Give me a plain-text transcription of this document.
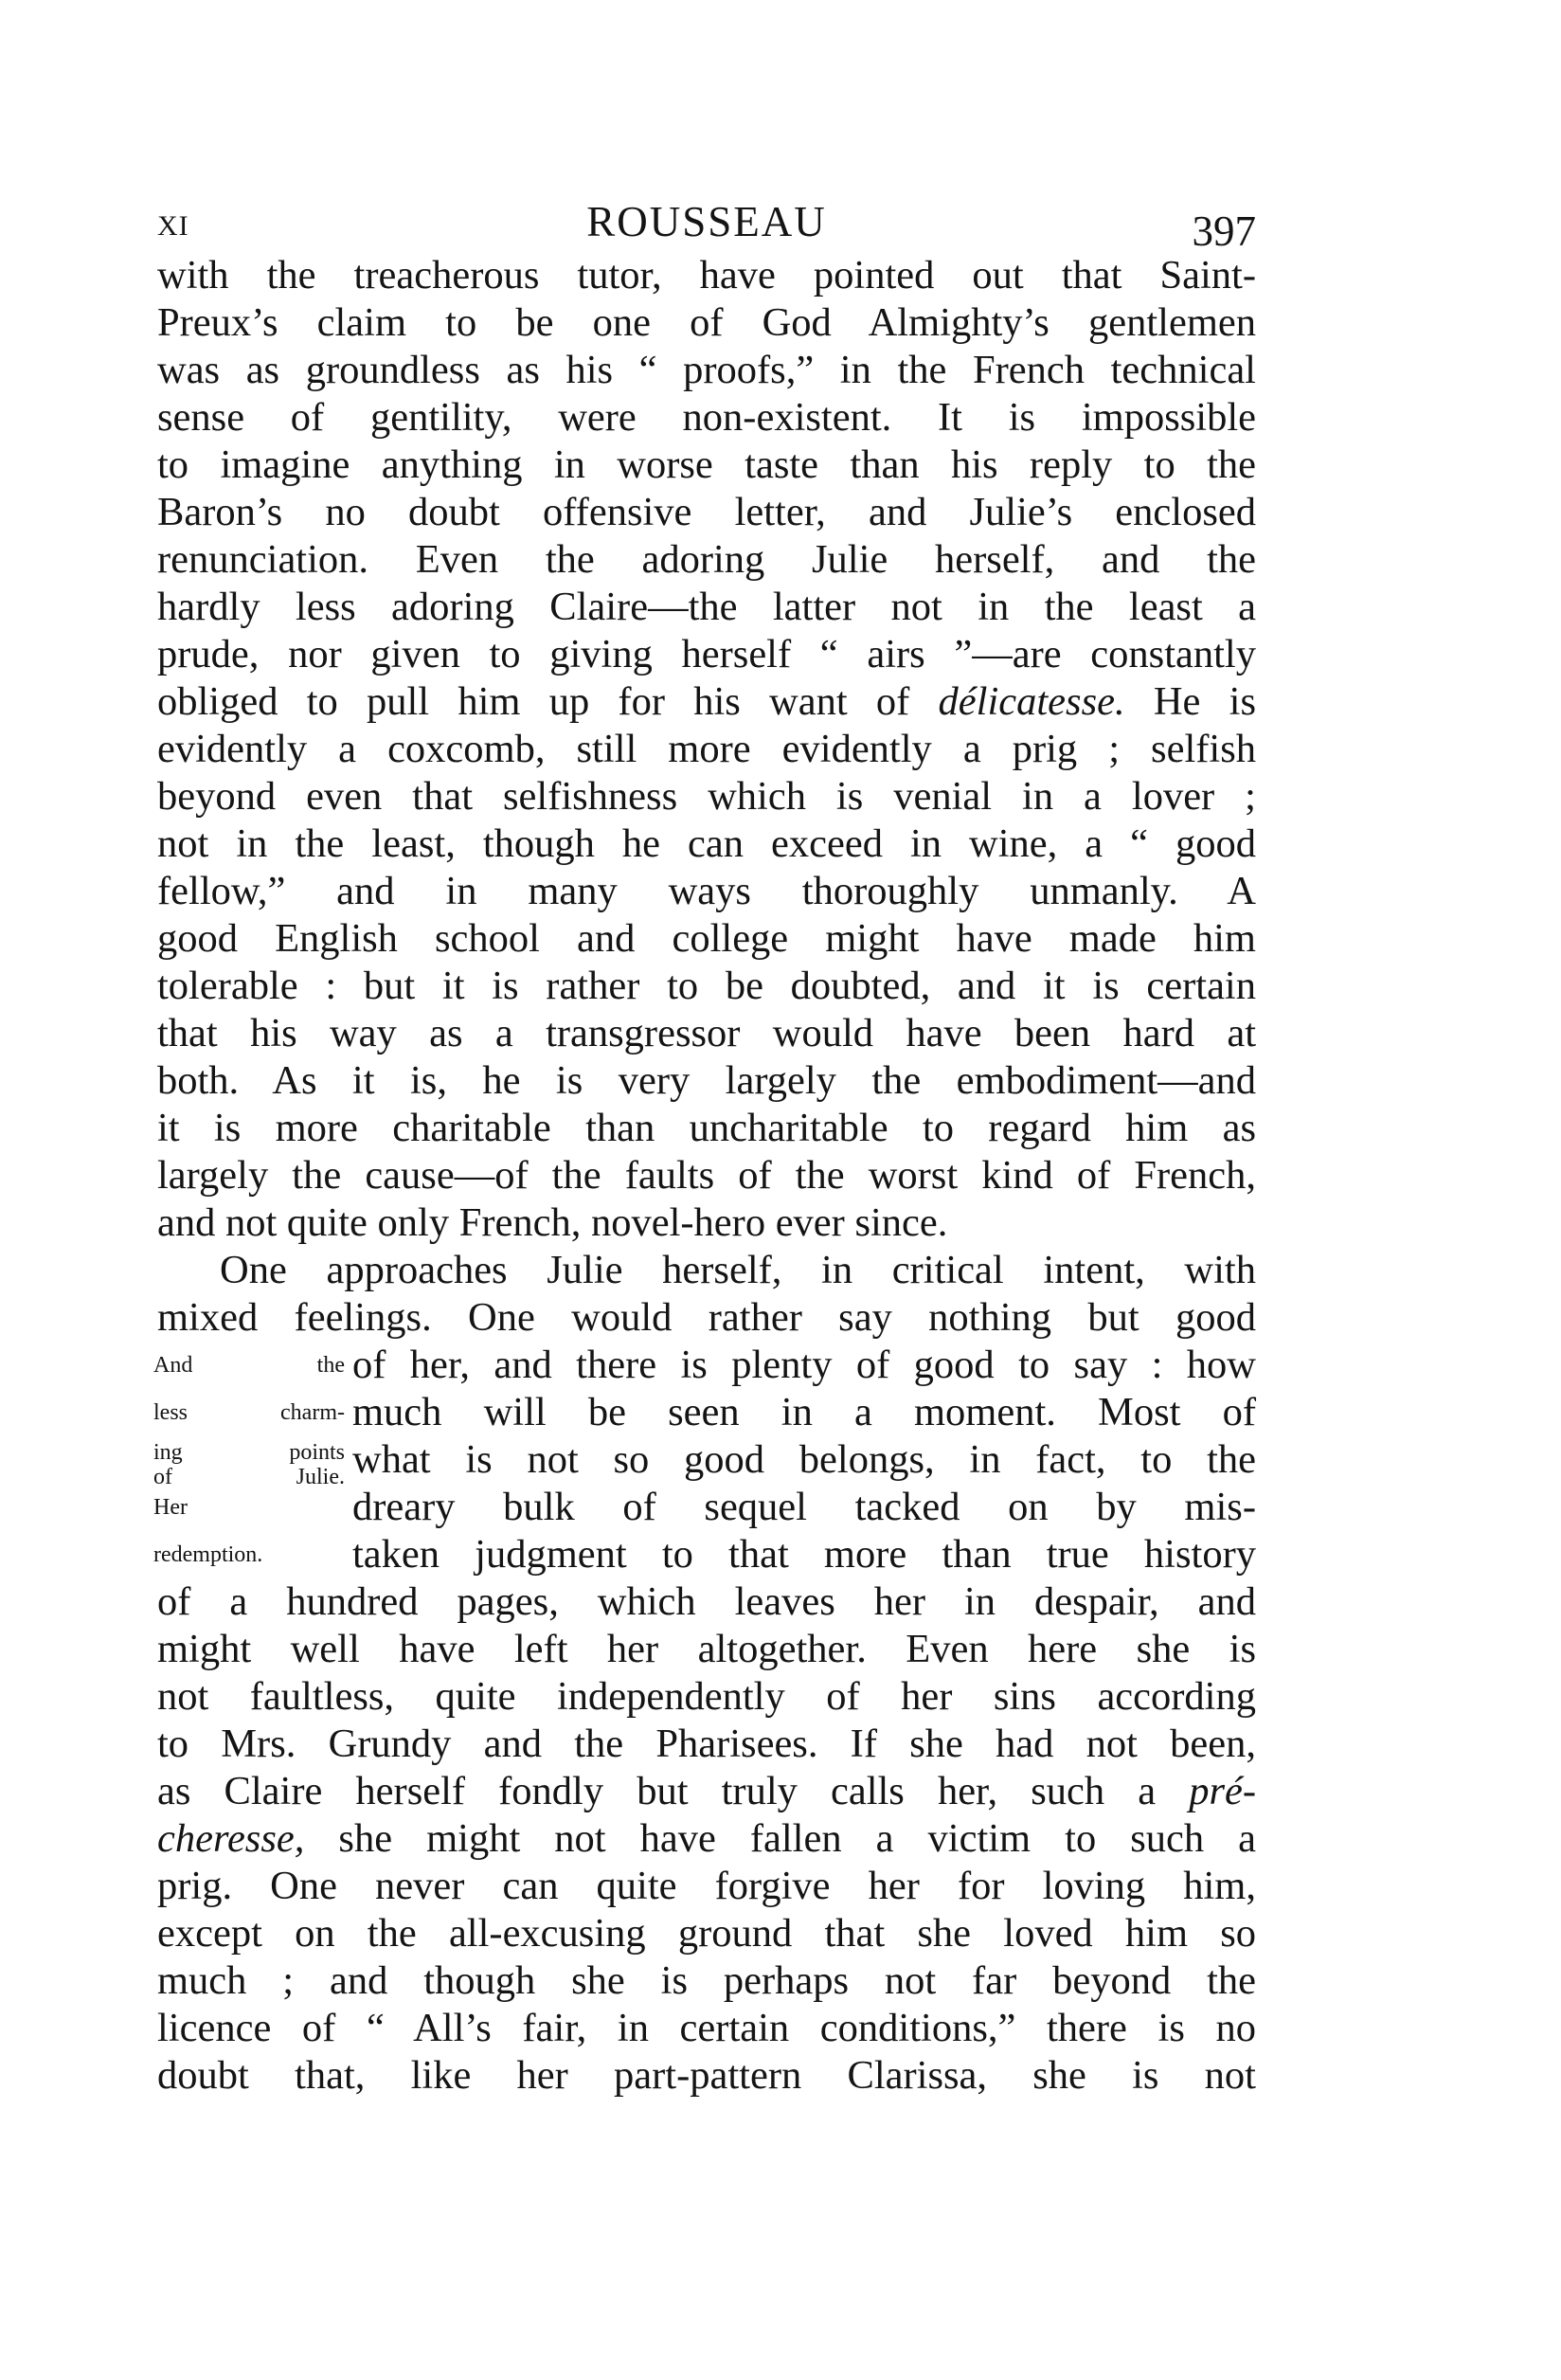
XI	ROUSSEAU	397
with the treacherous tutor, have pointed out that Saint-
Preux’s claim to be one of God Almighty’s gentlemen
was as groundless as his “ proofs,” in the French technical
sense of gentility, were non-existent. It is impossible
to imagine anything in worse taste than his reply to the
Baron’s no doubt offensive letter, and Julie’s enclosed
renunciation. Even the adoring Julie herself, and the
hardly less adoring Claire—the latter not in the least a
prude, nor given to giving herself “ airs ”—are constantly
obliged to pull him up for his want of délicatesse. He is
evidently a coxcomb, still more evidently a prig ; selfish
beyond even that selfishness which is venial in a lover ;
not in the least, though he can exceed in wine, a “ good
fellow,” and in many ways thoroughly unmanly. A
good English school and college might have made him
tolerable : but it is rather to be doubted, and it is certain
that his way as a transgressor would have been hard at
both. As it is, he is very largely the embodiment—and
it is more charitable than uncharitable to regard him as
largely the cause—of the faults of the worst kind of French,
and not quite only French, novel-hero ever since.
One approaches Julie herself, in critical intent, with
mixed feelings. One would rather say nothing but good
And the of her, and there is plenty of good to say : how
less charm- much will be seen in a moment. Most of
ing points
of Julie. what is not so good belongs, in fact, to the
Her	dreary bulk of sequel tacked on by mis-
redemption.	taken judgment to that more than true history
of a hundred pages, which leaves her in despair, and
might well have left her altogether. Even here she is
not faultless, quite independently of her sins according
to Mrs. Grundy and the Pharisees. If she had not been,
as Claire herself fondly but truly calls her, such a pré-
cheresse, she might not have fallen a victim to such a
prig. One never can quite forgive her for loving him,
except on the all-excusing ground that she loved him so
much ; and though she is perhaps not far beyond the
licence of “ All’s fair, in certain conditions,” there is no
doubt that, like her part-pattern Clarissa, she is not
